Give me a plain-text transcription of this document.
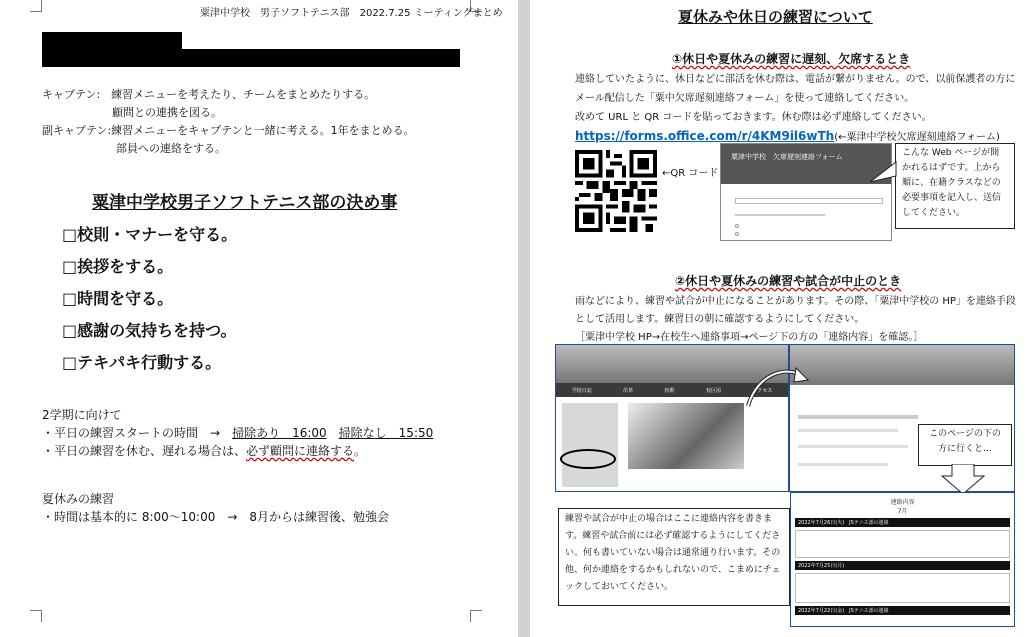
粟津中学校　男子ソフトテニス部　2022.7.25 ミーティングまとめ
キャプテン:　練習メニューを考えたり、チームをまとめたりする。
顧問との連携を図る。
副キャプテン:練習メニューをキャプテンと一緒に考える。1年をまとめる。
部員への連絡をする。
粟津中学校男子ソフトテニス部の決め事
□校則・マナーを守る。
□挨拶をする。
□時間を守る。
□感謝の気持ちを持つ。
□テキパキ行動する。
2学期に向けて
・平日の練習スタートの時間　→　掃除あり　16:00　 掃除なし　15:50
・平日の練習を休む、遅れる場合は、必ず顧問に連絡する。
夏休みの練習
・時間は基本的に 8:00〜10:00　→　8月からは練習後、勉強会
夏休みや休日の練習について
①休日や夏休みの練習に遅刻、欠席するとき
連絡していたように、休日などに部活を休む際は、電話が繋がりません。ので、以前保護者の方に
メール配信した「粟中欠席遅刻連絡フォーム」を使って連絡してください。
改めて URL と QR コードを貼っておきます。休む際は必ず連絡してください。
https://forms.office.com/r/4KM9il6wTh(←粟津中学校欠席遅刻連絡フォーム)
←QR コード
粟津中学校　欠席遅刻連絡フォーム	こんな Web ページが開かれるはずです。上から順に、在籍クラスなどの必要事項を記入し、送信してください。
②休日や夏休みの練習や試合が中止のとき
雨などにより、練習や試合が中止になることがあります。その際、「粟津中学校の HP」を連絡手段
として活用します。練習日の朝に確認するようにしてください。
［粟津中学校 HP→在校生へ連絡事項→ページ下の方の「連絡内容」を確認。］
学校日誌	沿革	校歌	校区図	アクセス
このページの下の方に行くと…
連絡内容
7月
2022年7月26日(火)　JSテニス部の連絡
2022年7月25日(月)
2022年7月22日(金)　JSテニス部の連絡
練習や試合が中止の場合はここに連絡内容を書きます。練習や試合前には必ず確認するようにしてください。何も書いていない場合は通常通り行います。その他、何か連絡をするかもしれないので、こまめにチェックしておいてください。
